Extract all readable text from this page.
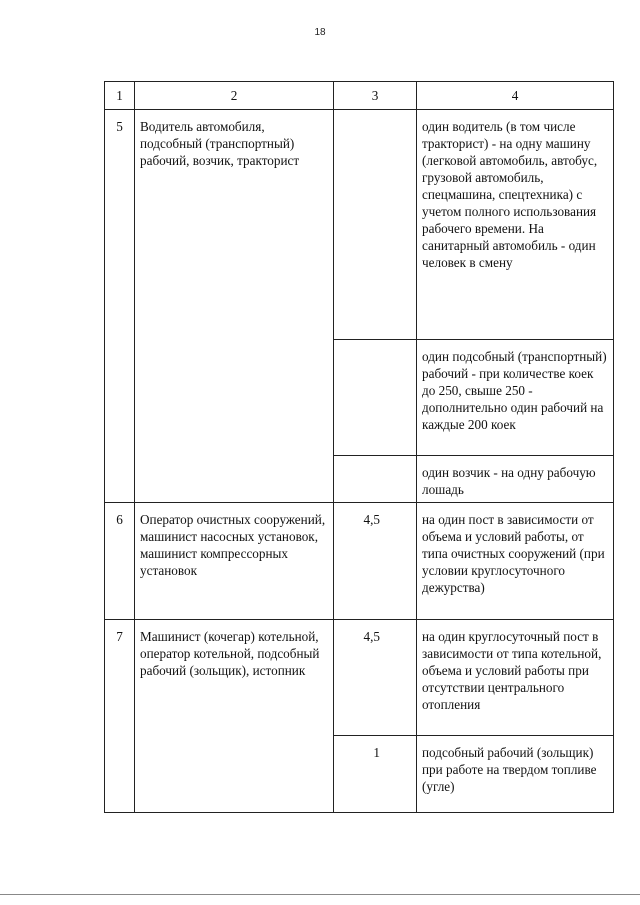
18
1	2	3	4
5	Водитель автомобиля, подсобный (транспортный) рабочий, возчик, тракторист		один водитель (в том числе тракторист) - на одну машину (легковой автомобиль, автобус, грузовой автомобиль, спецмашина, спецтехника) с учетом полного использования рабочего времени. На санитарный автомобиль - один человек в смену
			один подсобный (транспортный) рабочий - при количестве коек до 250, свыше 250 - дополнительно один рабочий на каждые 200 коек
			один возчик - на одну рабочую лошадь
6	Оператор очистных сооружений, машинист насосных установок, машинист компрессорных установок	4,5	на один пост в зависимости от объема и условий работы, от типа очистных сооружений (при условии круглосуточного дежурства)
7	Машинист (кочегар) котельной, оператор котельной, подсобный рабочий (зольщик), истопник	4,5	на один круглосуточный пост в зависимости от типа котельной, объема и условий работы при отсутствии центрального отопления
		1	подсобный рабочий (зольщик) при работе на твердом топливе (угле)
